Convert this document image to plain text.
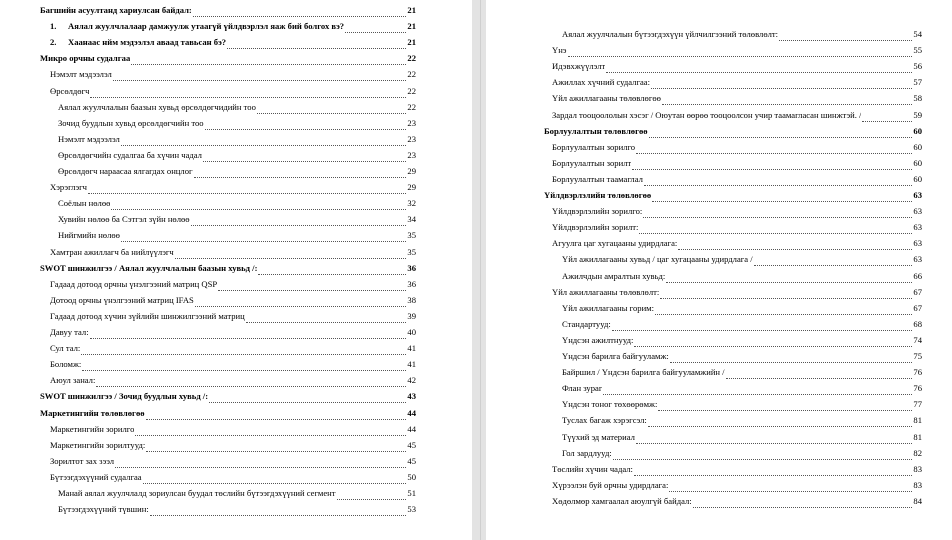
Багшийн асуултанд хариулсан байдал:	21
1.	Аялал жуулчлалаар дамжуулж утаагүй үйлдвэрлэл яаж бий болгох вэ?	21
2.	Хаанаас нйм мэдээлэл аваад тавьсан бэ?	21
Микро орчны судалгаа	22
Нэмэлт мэдээлэл	22
Өрсөлдөгч	22
Аялал жуулчлалын баазын хувьд өрсөлдөгчидийн тоо	22
Зочид буудлын хувьд өрсөлдөгчийн тоо	23
Нэмэлт мэдээлэл	23
Өрсөлдөгчийн судалгаа ба хүчин чадал	23
Өрсөлдөгч нараасаа ялгагдах онцлог	29
Хэрэглэгч	29
Соёлын нөлөө	32
Хувийн нөлөө ба Сэтгэл зүйн нөлөө	34
Нийгмийн нөлөө	35
Хамтран ажиллагч ба нийлүүлэгч	35
SWOT шинжилгээ / Аялал жуулчлалын баазын хувьд /:	36
Гадаад дотоод орчны үнэлгээний матриц QSP	36
Дотоод орчны үнэлгээний матриц IFAS	38
Гадаад дотоод хүчин зүйлийн шинжилгээний матриц	39
Давуу тал:	40
Сул тал:	41
Боломж:	41
Аюул занал:	42
SWOT шинжилгээ / Зочид буудлын хувьд /:	43
Маркетингийн төлөвлөгөө	44
Маркетингийн зорилго	44
Маркетингийн зорилтууд:	45
Зорилтот зах зээл	45
Бүтээгдэхүүний судалгаа	50
Манай аялал жуулчлалд зориулсан буудал төслийн бүтээгдэхүүний сегмент	51
Бүтээгдэхүүний түвшин:	53
Аялал жуулчлалын бүтээгдэхүүн үйлчилгээний төлөвлөлт:	54
Үнэ	55
Идэвхжүүлэлт	56
Ажиллах хүчний судалгаа:	57
Үйл ажиллагааны төлөвлөгөө	58
Зардал тооцоололын хэсэг / Оюутан өөрөө тооцоолсон учир таамагласан шинжтэй. /	59
Борлуулалтын төлөвлөгөө	60
Борлуулалтын зорилго	60
Борлуулалтын зорилт	60
Борлуулалтын таамаглал	60
Үйлдвэрлэлийн төлөвлөгөө	63
Үйлдвэрлэлийн зорилго:	63
Үйлдвэрлэлийн зорилт:	63
Агуулга цаг хугацааны удирдлага:	63
Үйл ажиллагааны хувьд / цаг хугацааны удирдлага /	63
Ажилчдын амралтын хувьд:	66
Үйл ажиллагааны төлөвлөлт:	67
Үйл ажиллагааны горим:	67
Стандартууд:	68
Үндсэн ажилтнууд:	74
Үндсэн барилга байгууламж:	75
Байршил / Үндсэн барилга байгууламжийн /	76
Флан зураг	76
Үндсэн тоног төхөөрөмж:	77
Туслах багаж хэрэгсэл:	81
Түүхий эд материал	81
Гол зардлууд:	82
Төслийн хүчин чадал:	83
Хүрээлэн буй орчны удирдлага:	83
Хөдөлмөр хамгаалал аюулгүй байдал:	84
